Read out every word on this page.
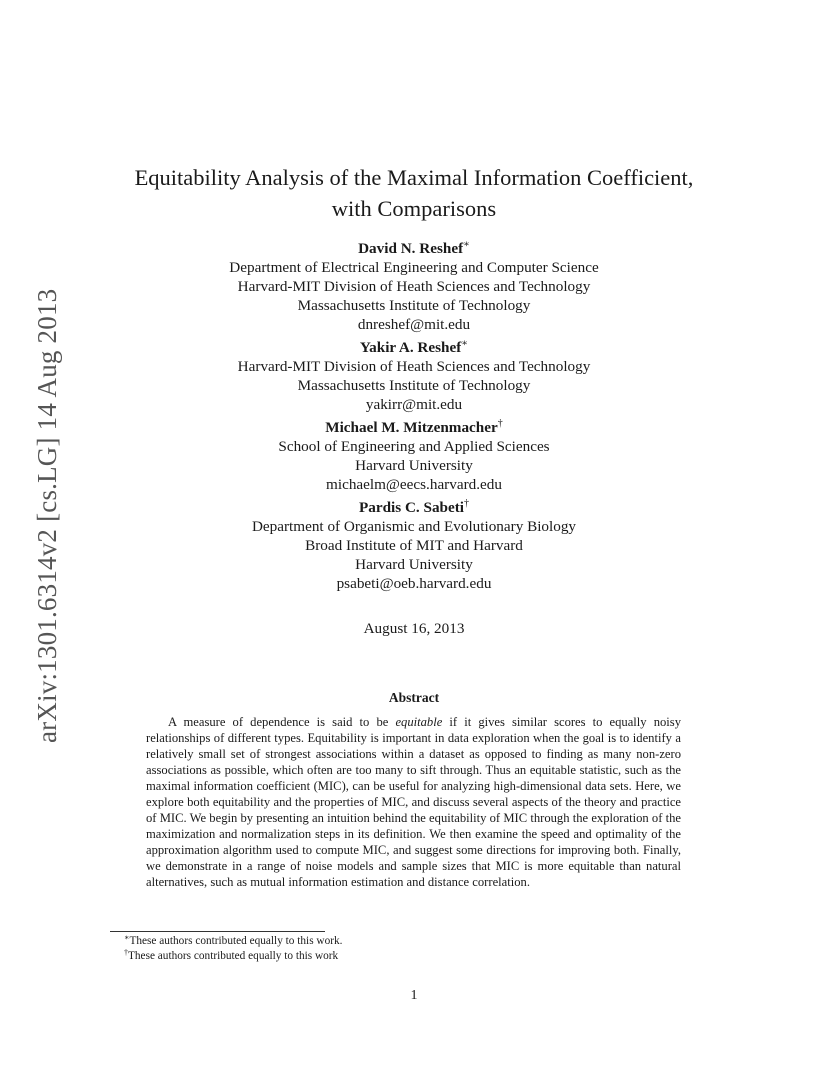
arXiv:1301.6314v2 [cs.LG] 14 Aug 2013
Equitability Analysis of the Maximal Information Coefficient,
with Comparisons
David N. Reshef∗
Department of Electrical Engineering and Computer Science
Harvard-MIT Division of Heath Sciences and Technology
Massachusetts Institute of Technology
dnreshef@mit.edu
Yakir A. Reshef∗
Harvard-MIT Division of Heath Sciences and Technology
Massachusetts Institute of Technology
yakirr@mit.edu
Michael M. Mitzenmacher†
School of Engineering and Applied Sciences
Harvard University
michaelm@eecs.harvard.edu
Pardis C. Sabeti†
Department of Organismic and Evolutionary Biology
Broad Institute of MIT and Harvard
Harvard University
psabeti@oeb.harvard.edu
August 16, 2013
Abstract

A measure of dependence is said to be equitable if it gives similar scores to equally noisy relationships of different types. Equitability is important in data exploration when the goal is to identify a relatively small set of strongest associations within a dataset as opposed to finding as many non-zero associations as possible, which often are too many to sift through. Thus an equitable statistic, such as the maximal information coefficient (MIC), can be useful for analyzing high-dimensional data sets. Here, we explore both equitability and the properties of MIC, and discuss several aspects of the theory and practice of MIC. We begin by presenting an intuition behind the equitability of MIC through the exploration of the maximization and normalization steps in its definition. We then examine the speed and optimality of the approximation algorithm used to compute MIC, and suggest some directions for improving both. Finally, we demonstrate in a range of noise models and sample sizes that MIC is more equitable than natural alternatives, such as mutual information estimation and distance correlation.

∗These authors contributed equally to this work.
†These authors contributed equally to this work
1
